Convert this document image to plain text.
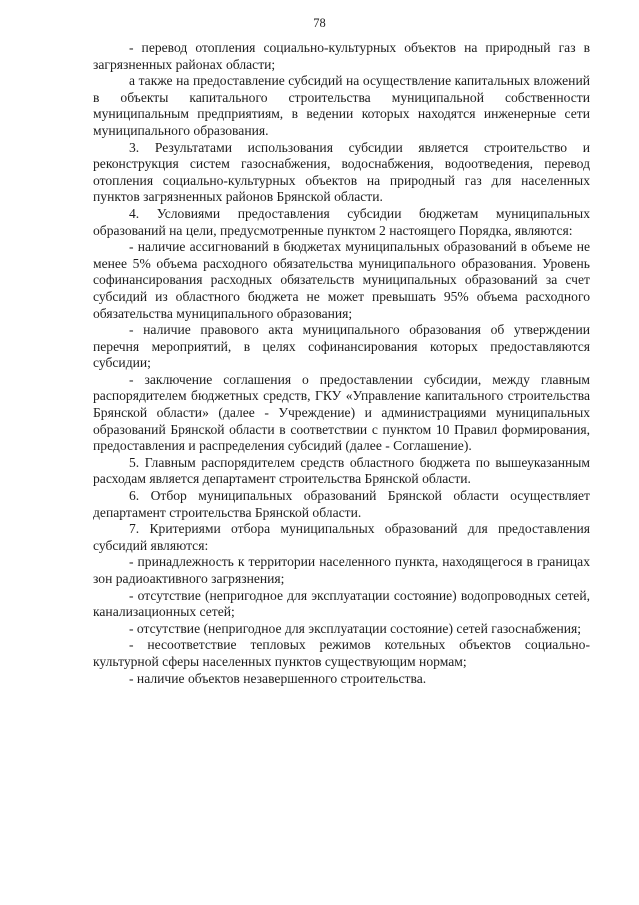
78

- перевод отопления социально-культурных объектов на природный газ в загрязненных районах области;

а также на предоставление субсидий на осуществление капитальных вложений в объекты капитального строительства муниципальной собственности муниципальным предприятиям, в ведении которых находятся инженерные сети муниципального образования.

3. Результатами использования субсидии является строительство и реконструкция систем газоснабжения, водоснабжения, водоотведения, перевод отопления социально-культурных объектов на природный газ для населенных пунктов загрязненных районов Брянской области.

4. Условиями предоставления субсидии бюджетам муниципальных образований на цели, предусмотренные пунктом 2 настоящего Порядка, являются:

- наличие ассигнований в бюджетах муниципальных образований в объеме не менее 5% объема расходного обязательства муниципального образования. Уровень софинансирования расходных обязательств муниципальных образований за счет субсидий из областного бюджета не может превышать 95% объема расходного обязательства муниципального образования;

- наличие правового акта муниципального образования об утверждении перечня мероприятий, в целях софинансирования которых предоставляются субсидии;

- заключение соглашения о предоставлении субсидии, между главным распорядителем бюджетных средств, ГКУ «Управление капитального строительства Брянской области» (далее - Учреждение) и администрациями муниципальных образований Брянской области в соответствии с пунктом 10 Правил формирования, предоставления и распределения субсидий (далее - Соглашение).

5. Главным распорядителем средств областного бюджета по вышеуказанным расходам является департамент строительства Брянской области.

6. Отбор муниципальных образований Брянской области осуществляет департамент строительства Брянской области.

7. Критериями отбора муниципальных образований для предоставления субсидий являются:

- принадлежность к территории населенного пункта, находящегося в границах зон радиоактивного загрязнения;

- отсутствие (непригодное для эксплуатации состояние) водопроводных сетей, канализационных сетей;

- отсутствие (непригодное для эксплуатации состояние) сетей газоснабжения;

- несоответствие тепловых режимов котельных объектов социально-культурной сферы населенных пунктов существующим нормам;

- наличие объектов незавершенного строительства.
